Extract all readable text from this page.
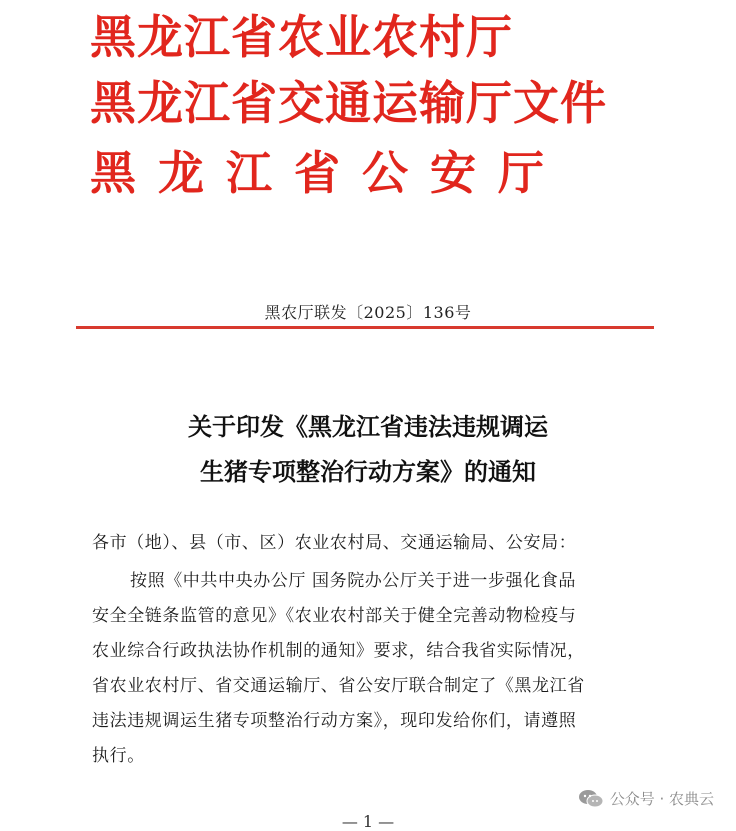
黑龙江省农业农村厅
黑龙江省交通运输厅文件
黑龙江省公安厅
黑农厅联发〔2025〕136号
关于印发《黑龙江省违法违规调运
生猪专项整治行动方案》的通知
各市（地）、县（市、区）农业农村局、交通运输局、公安局：
按照《中共中央办公厅 国务院办公厅关于进一步强化食品
安全全链条监管的意见》《农业农村部关于健全完善动物检疫与
农业综合行政执法协作机制的通知》要求，结合我省实际情况，
省农业农村厅、省交通运输厅、省公安厅联合制定了《黑龙江省
违法违规调运生猪专项整治行动方案》，现印发给你们，请遵照
执行。
公众号 · 农典云
— 1 —
